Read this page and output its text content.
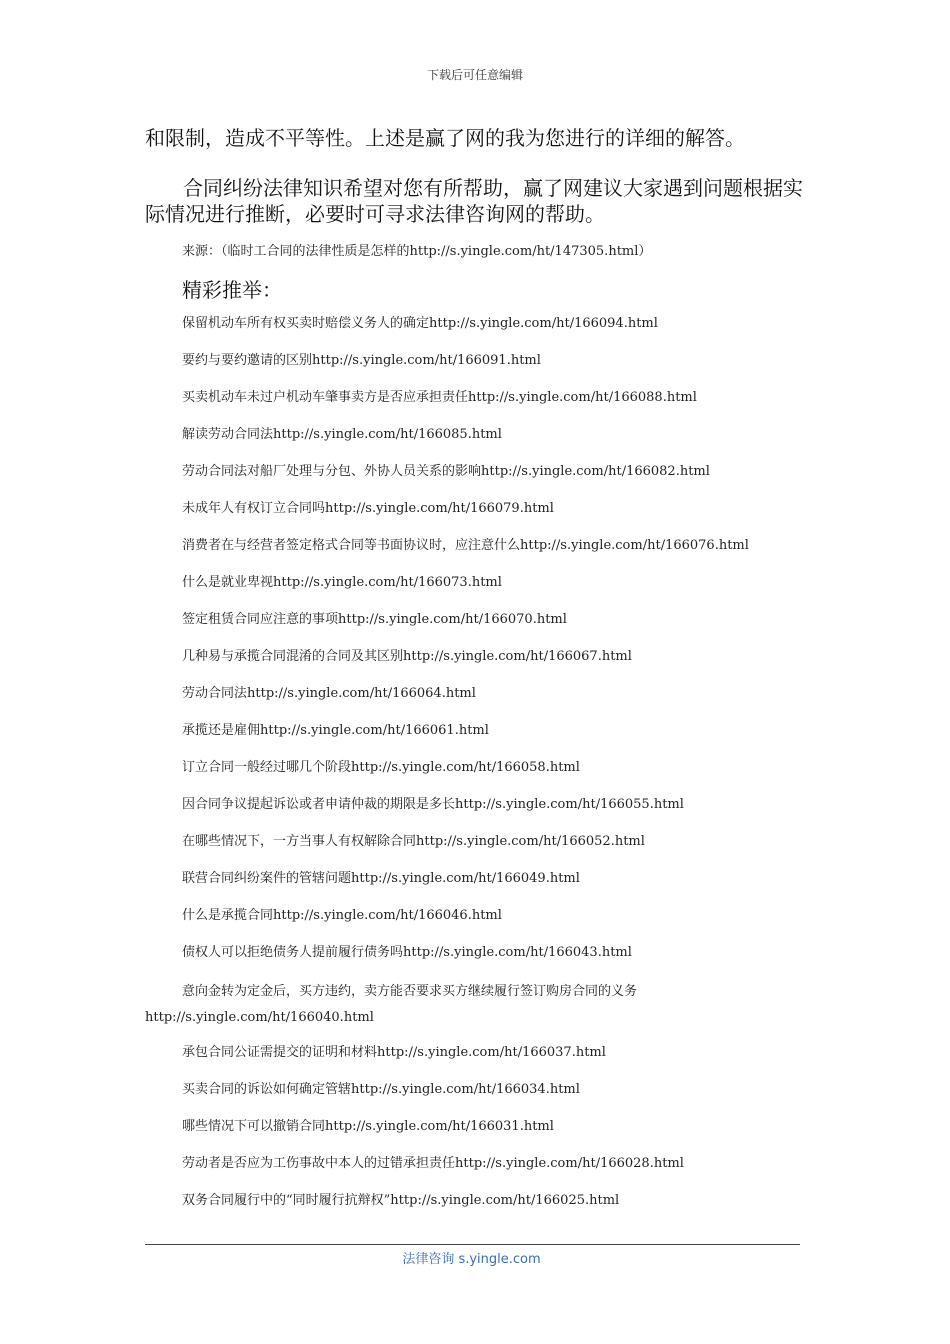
下载后可任意编辑

和限制，造成不平等性。上述是赢了网的我为您进行的详细的解答。

合同纠纷法律知识希望对您有所帮助，赢了网建议大家遇到问题根据实际情况进行推断，必要时可寻求法律咨询网的帮助。

来源：（临时工合同的法律性质是怎样的http://s.yingle.com/ht/147305.html）
精彩推举：
保留机动车所有权买卖时赔偿义务人的确定http://s.yingle.com/ht/166094.html
要约与要约邀请的区别http://s.yingle.com/ht/166091.html
买卖机动车未过户机动车肇事卖方是否应承担责任http://s.yingle.com/ht/166088.html
解读劳动合同法http://s.yingle.com/ht/166085.html
劳动合同法对船厂处理与分包、外协人员关系的影响http://s.yingle.com/ht/166082.html
未成年人有权订立合同吗http://s.yingle.com/ht/166079.html
消费者在与经营者签定格式合同等书面协议时，应注意什么http://s.yingle.com/ht/166076.html
什么是就业卑视http://s.yingle.com/ht/166073.html
签定租赁合同应注意的事项http://s.yingle.com/ht/166070.html
几种易与承揽合同混淆的合同及其区别http://s.yingle.com/ht/166067.html
劳动合同法http://s.yingle.com/ht/166064.html
承揽还是雇佣http://s.yingle.com/ht/166061.html
订立合同一般经过哪几个阶段http://s.yingle.com/ht/166058.html
因合同争议提起诉讼或者申请仲裁的期限是多长http://s.yingle.com/ht/166055.html
在哪些情况下，一方当事人有权解除合同http://s.yingle.com/ht/166052.html
联营合同纠纷案件的管辖问题http://s.yingle.com/ht/166049.html
什么是承揽合同http://s.yingle.com/ht/166046.html
债权人可以拒绝债务人提前履行债务吗http://s.yingle.com/ht/166043.html
意向金转为定金后，买方违约，卖方能否要求买方继续履行签订购房合同的义务http://s.yingle.com/ht/166040.html
承包合同公证需提交的证明和材料http://s.yingle.com/ht/166037.html
买卖合同的诉讼如何确定管辖http://s.yingle.com/ht/166034.html
哪些情况下可以撤销合同http://s.yingle.com/ht/166031.html
劳动者是否应为工伤事故中本人的过错承担责任http://s.yingle.com/ht/166028.html
双务合同履行中的“同时履行抗辩权”http://s.yingle.com/ht/166025.html
法律咨询 s.yingle.com
